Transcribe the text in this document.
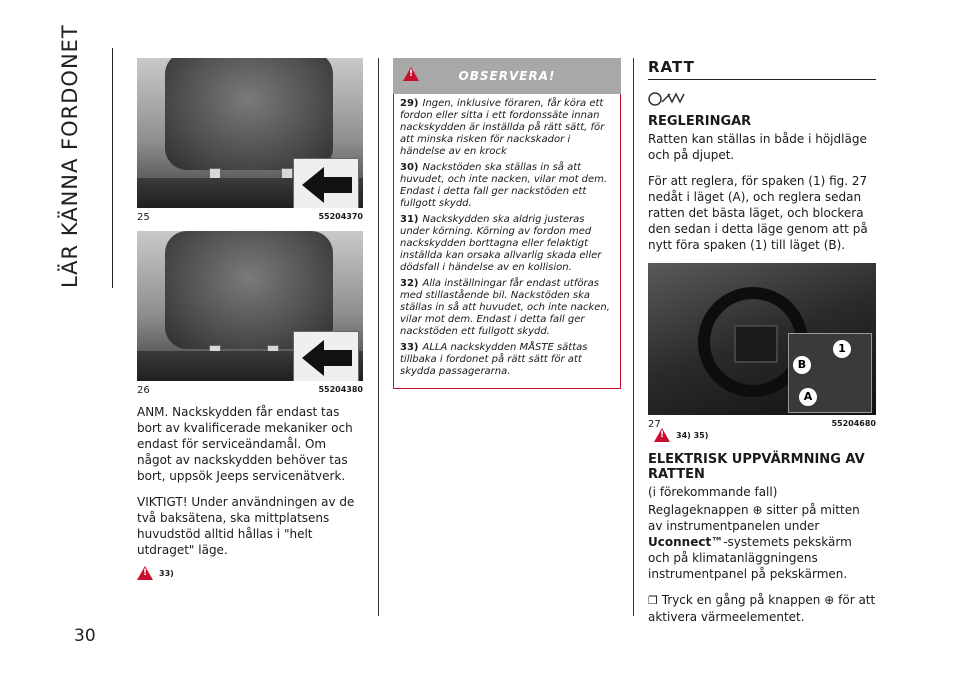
LÄR KÄNNA FORDONET
30
25	55204370
26	55204380

ANM. Nackskydden får endast tas bort av kvalificerade mekaniker och endast för serviceändamål. Om något av nackskydden behöver tas bort, uppsök Jeeps servicenätverk.

VIKTIGT! Under användningen av de två baksätena, ska mittplatsens huvudstöd alltid hållas i "helt utdraget" läge.

!
33)
!
OBSERVERA!

29) Ingen, inklusive föraren, får köra ett fordon eller sitta i ett fordonssäte innan nackskydden är inställda på rätt sätt, för att minska risken för nackskador i händelse av en krock

30) Nackstöden ska ställas in så att huvudet, och inte nacken, vilar mot dem. Endast i detta fall ger nackstöden ett fullgott skydd.

31) Nackskydden ska aldrig justeras under körning. Körning av fordon med nackskydden borttagna eller felaktigt inställda kan orsaka allvarlig skada eller dödsfall i händelse av en kollision.

32) Alla inställningar får endast utföras med stillastående bil. Nackstöden ska ställas in så att huvudet, och inte nacken, vilar mot dem. Endast i detta fall ger nackstöden ett fullgott skydd.

33) ALLA nackskydden MÅSTE sättas tillbaka i fordonet på rätt sätt för att skydda passagerarna.

RATT
REGLERINGAR

Ratten kan ställas in både i höjdläge och på djupet.

För att reglera, för spaken (1) fig. 27 nedåt i läget (A), och reglera sedan ratten det bästa läget, och blockera den sedan i detta läge genom att på nytt föra spaken (1) till läget (B).

1
B
A
27	55204680
!
34) 35)
ELEKTRISK UPPVÄRMNING AV RATTEN

(i förekommande fall)

Reglageknappen ⊕ sitter på mitten av instrumentpanelen under Uconnect™-systemets pekskärm och på klimatanläggningens instrumentpanel på pekskärmen.

❐ Tryck en gång på knappen ⊕ för att aktivera värmeelementet.
